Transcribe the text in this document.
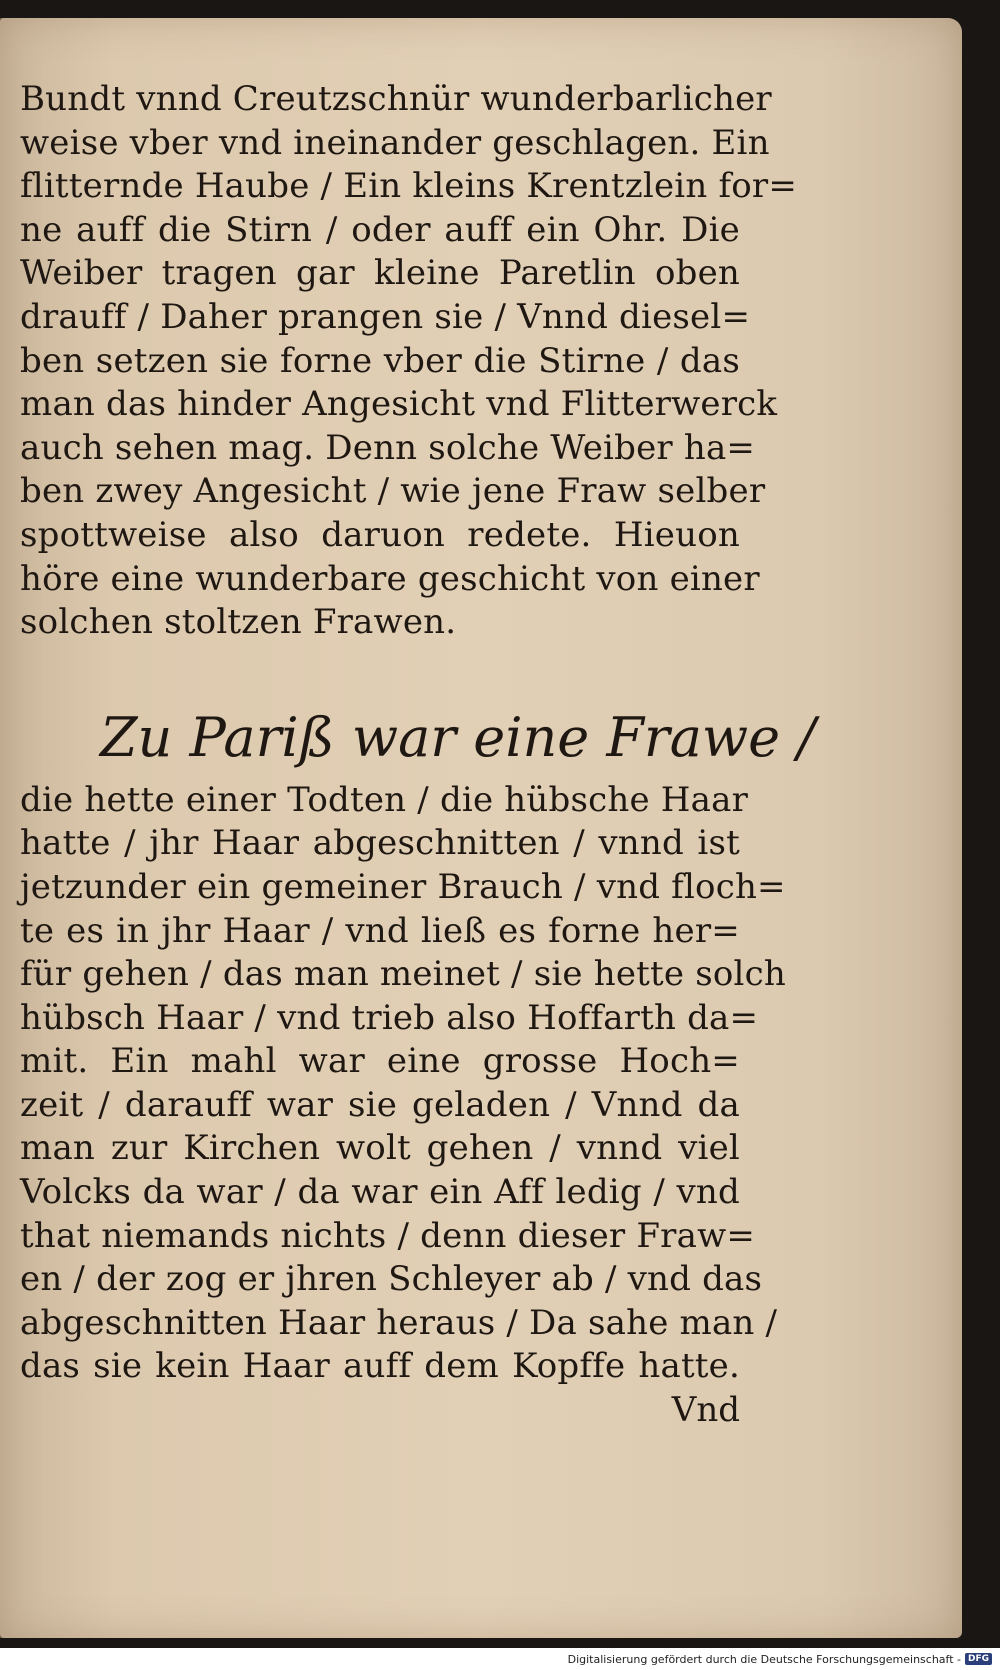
Bundt vnnd Creutzschnür wunderbarlicher
weise vber vnd ineinander geschlagen. Ein
flitternde Haube / Ein kleins Krentzlein for=
ne auff die Stirn / oder auff ein Ohr. Die
Weiber tragen gar kleine Paretlin oben
drauff / Daher prangen sie / Vnnd diesel=
ben setzen sie forne vber die Stirne / das
man das hinder Angesicht vnd Flitterwerck
auch sehen mag. Denn solche Weiber ha=
ben zwey Angesicht / wie jene Fraw selber
spottweise also daruon redete. Hieuon
höre eine wunderbare geschicht von einer
solchen stoltzen Frawen.
Zu Pariß war eine Frawe /
die hette einer Todten / die hübsche Haar
hatte / jhr Haar abgeschnitten / vnnd ist
jetzunder ein gemeiner Brauch / vnd floch=
te es in jhr Haar / vnd ließ es forne her=
für gehen / das man meinet / sie hette solch
hübsch Haar / vnd trieb also Hoffarth da=
mit. Ein mahl war eine grosse Hoch=
zeit / darauff war sie geladen / Vnnd da
man zur Kirchen wolt gehen / vnnd viel
Volcks da war / da war ein Aff ledig / vnd
that niemands nichts / denn dieser Fraw=
en / der zog er jhren Schleyer ab / vnd das
abgeschnitten Haar heraus / Da sahe man /
das sie kein Haar auff dem Kopffe hatte.
Vnd
Digitalisierung gefördert durch die Deutsche Forschungsgemeinschaft - DFG
